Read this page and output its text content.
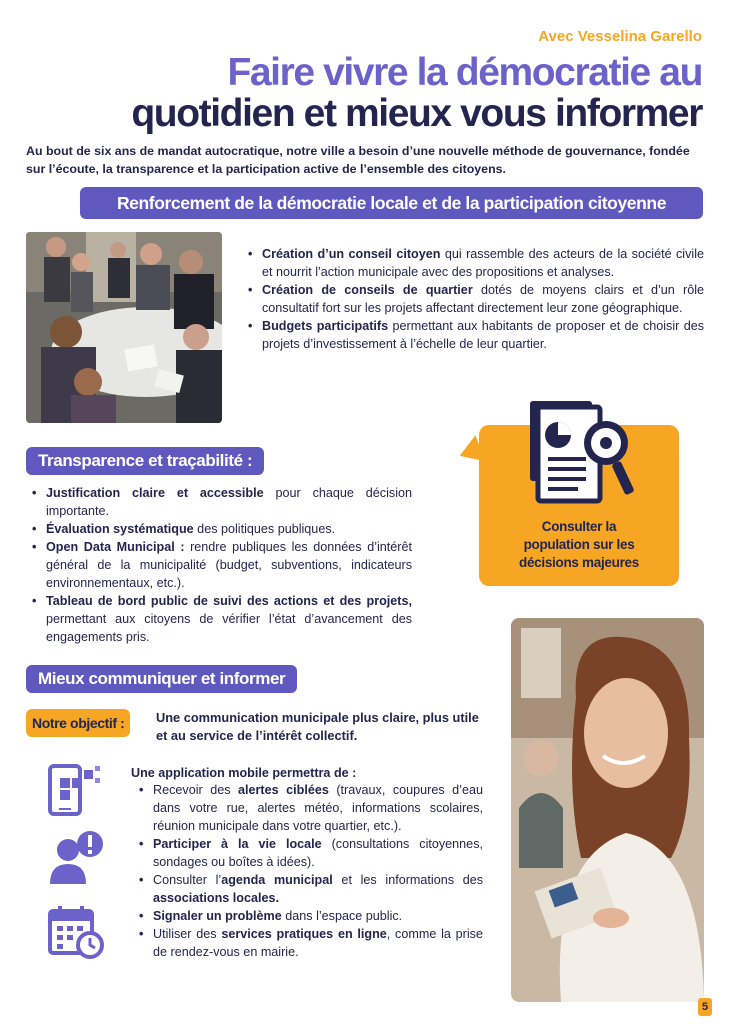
Avec Vesselina Garello
Faire vivre la démocratie au
quotidien et mieux vous informer

Au bout de six ans de mandat autocratique, notre ville a besoin d’une nouvelle méthode de gouvernance, fondée sur l’écoute, la transparence et la participation active de l’ensemble des citoyens.

Renforcement de la démocratie locale et de la participation citoyenne
• Création d’un conseil citoyen qui rassemble des acteurs de la société civile et nourrit l’action municipale avec des propositions et analyses.
• Création de conseils de quartier dotés de moyens clairs et d’un rôle consultatif fort sur les projets affectant directement leur zone géographique.
• Budgets participatifs permettant aux habitants de proposer et de choisir des projets d’investissement à l’échelle de leur quartier.
Consulter la
population sur les
décisions majeures
Transparence et traçabilité :
• Justification claire et accessible pour chaque décision importante.
• Évaluation systématique des politiques publiques.
• Open Data Municipal : rendre publiques les données d’intérêt général de la municipalité (budget, subventions, indicateurs environnementaux, etc.).
• Tableau de bord public de suivi des actions et des projets, permettant aux citoyens de vérifier l’état d’avancement des engagements pris.
Mieux communiquer et informer
Notre objectif :	Une communication municipale plus claire, plus utile et au service de l’intérêt collectif.
Une application mobile permettra de :
• Recevoir des alertes ciblées (travaux, coupures d’eau dans votre rue, alertes météo, informations scolaires, réunion municipale dans votre quartier, etc.).
• Participer à la vie locale (consultations citoyennes, sondages ou boîtes à idées).
• Consulter l’agenda municipal et les informations des associations locales.
• Signaler un problème dans l’espace public.
• Utiliser des services pratiques en ligne, comme la prise de rendez-vous en mairie.
5
